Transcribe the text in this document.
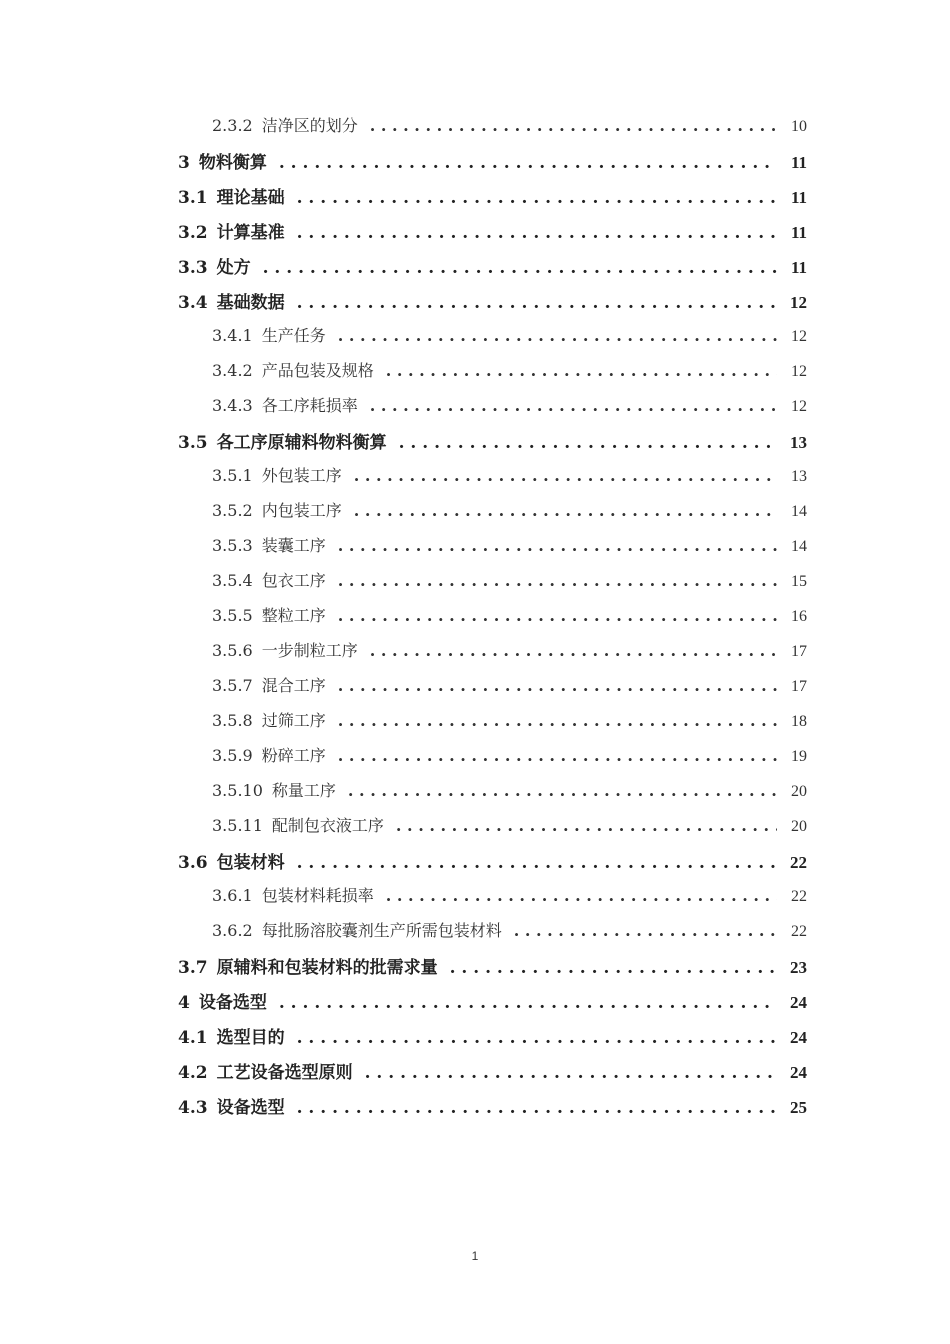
2.3.2 洁净区的划分 . . .	10
3 物料衡算 . . .	11
3.1 理论基础 . . .	11
3.2 计算基准 . . .	11
3.3 处方 . . .	11
3.4 基础数据 . . .	12
3.4.1 生产任务 . . .	12
3.4.2 产品包装及规格 . . .	12
3.4.3 各工序耗损率 . . .	12
3.5 各工序原辅料物料衡算 . . .	13
3.5.1 外包装工序 . . .	13
3.5.2 内包装工序 . . .	14
3.5.3 装囊工序 . . .	14
3.5.4 包衣工序 . . .	15
3.5.5 整粒工序 . . .	16
3.5.6 一步制粒工序 . . .	17
3.5.7 混合工序 . . .	17
3.5.8 过筛工序 . . .	18
3.5.9 粉碎工序 . . .	19
3.5.10 称量工序 . . .	20
3.5.11 配制包衣液工序 . . .	20
3.6 包装材料 . . .	22
3.6.1 包装材料耗损率 . . .	22
3.6.2 每批肠溶胶囊剂生产所需包装材料 . . .	22
3.7 原辅料和包装材料的批需求量 . . .	23
4 设备选型 . . .	24
4.1 选型目的 . . .	24
4.2 工艺设备选型原则 . . .	24
4.3 设备选型 . . .	25
1
